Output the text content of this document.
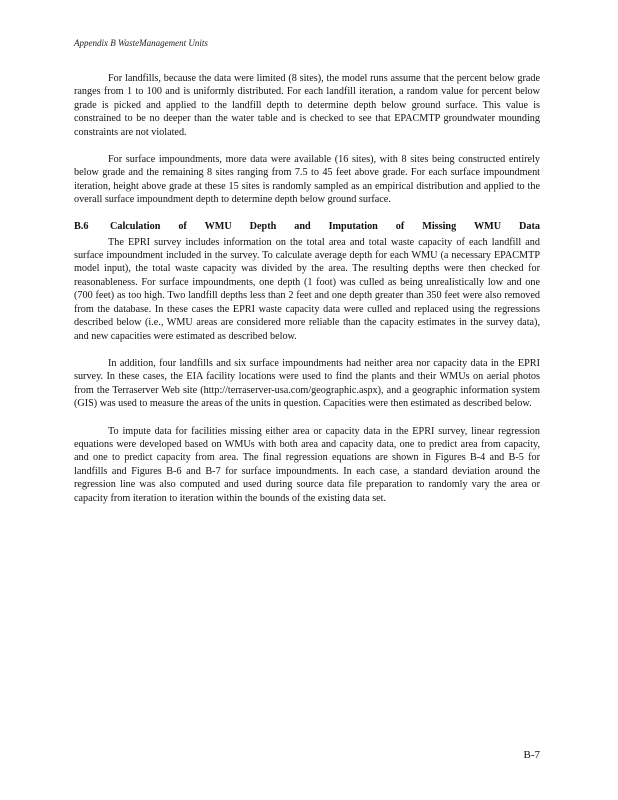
Appendix B WasteManagement Units

For landfills, because the data were limited (8 sites), the model runs assume that the percent below grade ranges from 1 to 100 and is uniformly distributed. For each landfill iteration, a random value for percent below grade is picked and applied to the landfill depth to determine depth below ground surface. This value is constrained to be no deeper than the water table and is checked to see that EPACMTP groundwater mounding constraints are not violated.

For surface impoundments, more data were available (16 sites), with 8 sites being constructed entirely below grade and the remaining 8 sites ranging from 7.5 to 45 feet above grade. For each surface impoundment iteration, height above grade at these 15 sites is randomly sampled as an empirical distribution and applied to the overall surface impoundment depth to determine depth below ground surface.

B.6	Calculation of WMU Depth and Imputation of Missing WMU Data

The EPRI survey includes information on the total area and total waste capacity of each landfill and surface impoundment included in the survey. To calculate average depth for each WMU (a necessary EPACMTP model input), the total waste capacity was divided by the area. The resulting depths were then checked for reasonableness. For surface impoundments, one depth (1 foot) was culled as being unrealistically low and one (700 feet) as too high. Two landfill depths less than 2 feet and one depth greater than 350 feet were also removed from the database. In these cases the EPRI waste capacity data were culled and replaced using the regressions described below (i.e., WMU areas are considered more reliable than the capacity estimates in the survey data), and new capacities were estimated as described below.

In addition, four landfills and six surface impoundments had neither area nor capacity data in the EPRI survey. In these cases, the EIA facility locations were used to find the plants and their WMUs on aerial photos from the Terraserver Web site (http://terraserver-usa.com/geographic.aspx), and a geographic information system (GIS) was used to measure the areas of the units in question. Capacities were then estimated as described below.

To impute data for facilities missing either area or capacity data in the EPRI survey, linear regression equations were developed based on WMUs with both area and capacity data, one to predict area from capacity, and one to predict capacity from area. The final regression equations are shown in Figures B-4 and B-5 for landfills and Figures B-6 and B-7 for surface impoundments. In each case, a standard deviation around the regression line was also computed and used during source data file preparation to randomly vary the area or capacity from iteration to iteration within the bounds of the existing data set.

B-7
